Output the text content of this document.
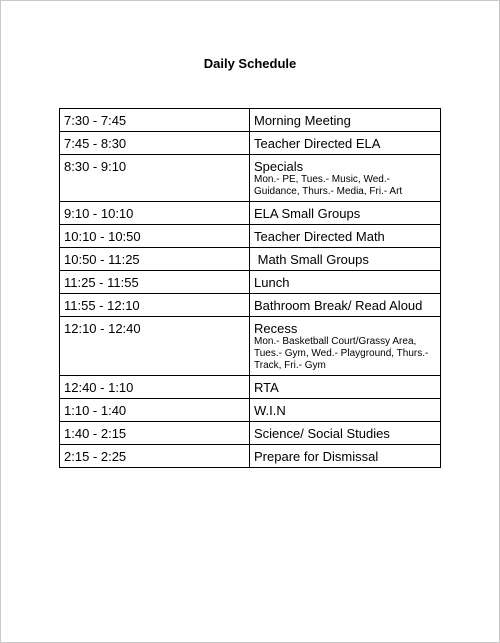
Daily Schedule
7:30 - 7:45	Morning Meeting

7:45 - 8:30	Teacher Directed ELA

8:30 - 9:10	Specials
Mon.- PE, Tues.- Music, Wed.- Guidance, Thurs.- Media, Fri.- Art

9:10 - 10:10	ELA Small Groups

10:10 - 10:50	Teacher Directed Math

10:50 - 11:25	Math Small Groups

11:25 - 11:55	Lunch

11:55 - 12:10	Bathroom Break/ Read Aloud

12:10 - 12:40	Recess
Mon.- Basketball Court/Grassy Area, Tues.- Gym, Wed.- Playground, Thurs.- Track, Fri.- Gym

12:40 - 1:10	RTA

1:10 - 1:40	W.I.N

1:40 - 2:15	Science/ Social Studies

2:15 - 2:25	Prepare for Dismissal
